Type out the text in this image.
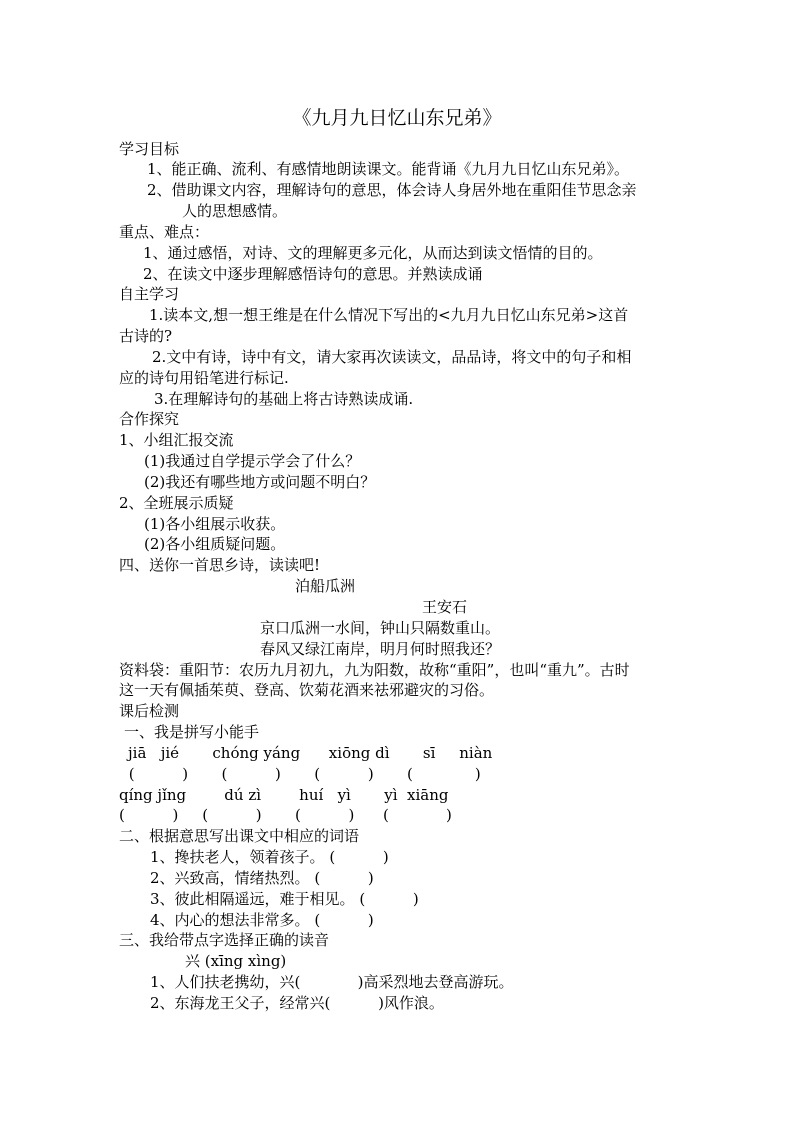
《九月九日忆山东兄弟》
学习目标
1、能正确、流利、有感情地朗读课文。能背诵《九月九日忆山东兄弟》。
2、借助课文内容，理解诗句的意思，体会诗人身居外地在重阳佳节思念亲
人的思想感情。
重点、难点：
1、通过感悟，对诗、文的理解更多元化，从而达到读文悟情的目的。
2、在读文中逐步理解感悟诗句的意思。并熟读成诵
自主学习
1.读本文,想一想王维是在什么情况下写出的<九月九日忆山东兄弟>这首
古诗的?
2.文中有诗，诗中有文，请大家再次读读文，品品诗，将文中的句子和相
应的诗句用铅笔进行标记.
3.在理解诗句的基础上将古诗熟读成诵.
合作探究
1、小组汇报交流
(1)我通过自学提示学会了什么？
(2)我还有哪些地方或问题不明白？
2、全班展示质疑
(1)各小组展示收获。
(2)各小组质疑问题。
四、送你一首思乡诗，读读吧!
泊船瓜洲
王安石
京口瓜洲一水间，钟山只隔数重山。
春风又绿江南岸，明月何时照我还？
资料袋：重阳节：农历九月初九，九为阳数，故称“重阳”，也叫“重九”。古时
这一天有佩插茱萸、登高、饮菊花酒来祛邪避灾的习俗。
课后检测
一、我是拼写小能手
jiā   jié       chóng yáng      xiōng dì       sī     niàn
(          )       (          )       (          )       (             )
qíng jǐng        dú zì        huí   yì       yì  xiāng
(          )     (          )       (          )      (            )
二、根据意思写出课文中相应的词语
1、搀扶老人，领着孩子。 (          )
2、兴致高，情绪热烈。 (          )
3、彼此相隔遥远，难于相见。 (          )
4、内心的想法非常多。 (          )
三、我给带点字选择正确的读音
兴 (xīng xìng)
1、人们扶老携幼，兴(            )高采烈地去登高游玩。
2、东海龙王父子，经常兴(          )风作浪。
